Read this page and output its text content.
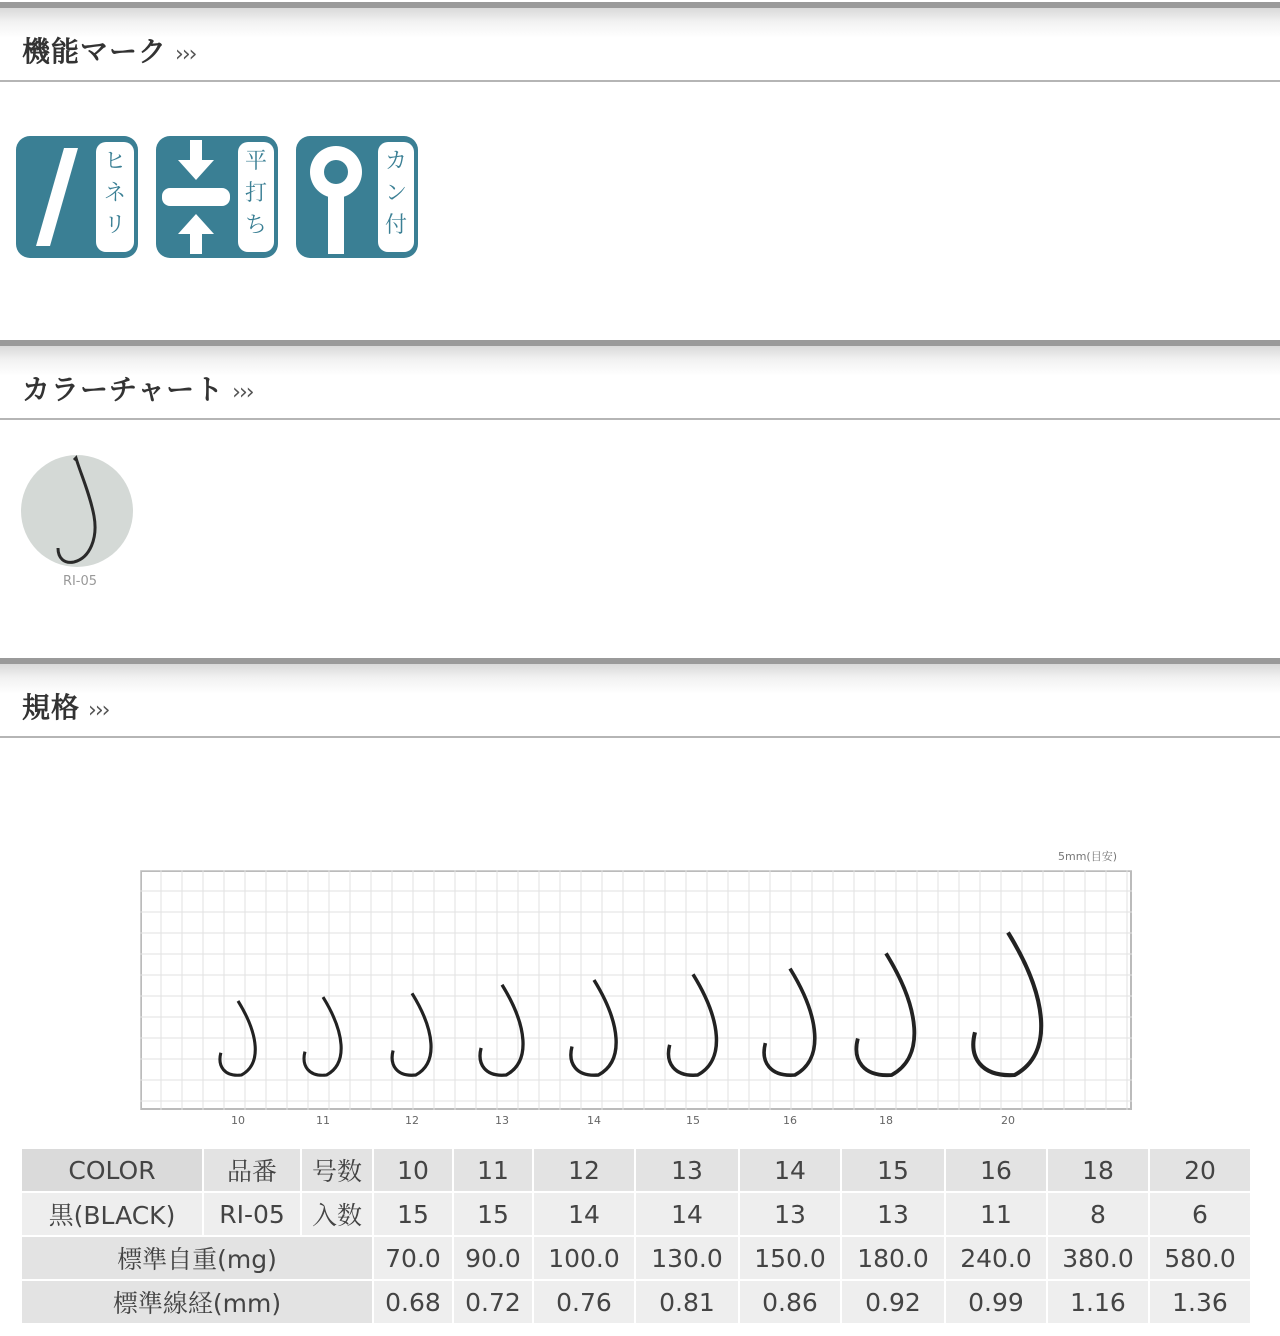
機能マーク ›››
ヒ
ネ
リ
平
打
ち
カ
ン
付
カラーチャート ›››
RI-05
規格 ›››
5mm(目安)
10	11	12	13	14	15	16	18	20
COLOR	品番	号数	10	11	12	13	14	15	16	18	20
黒(BLACK)	RI-05	入数	15	15	14	14	13	13	11	8	6
標準自重(mg)			70.0	90.0	100.0	130.0	150.0	180.0	240.0	380.0	580.0
標準線経(mm)			0.68	0.72	0.76	0.81	0.86	0.92	0.99	1.16	1.36
